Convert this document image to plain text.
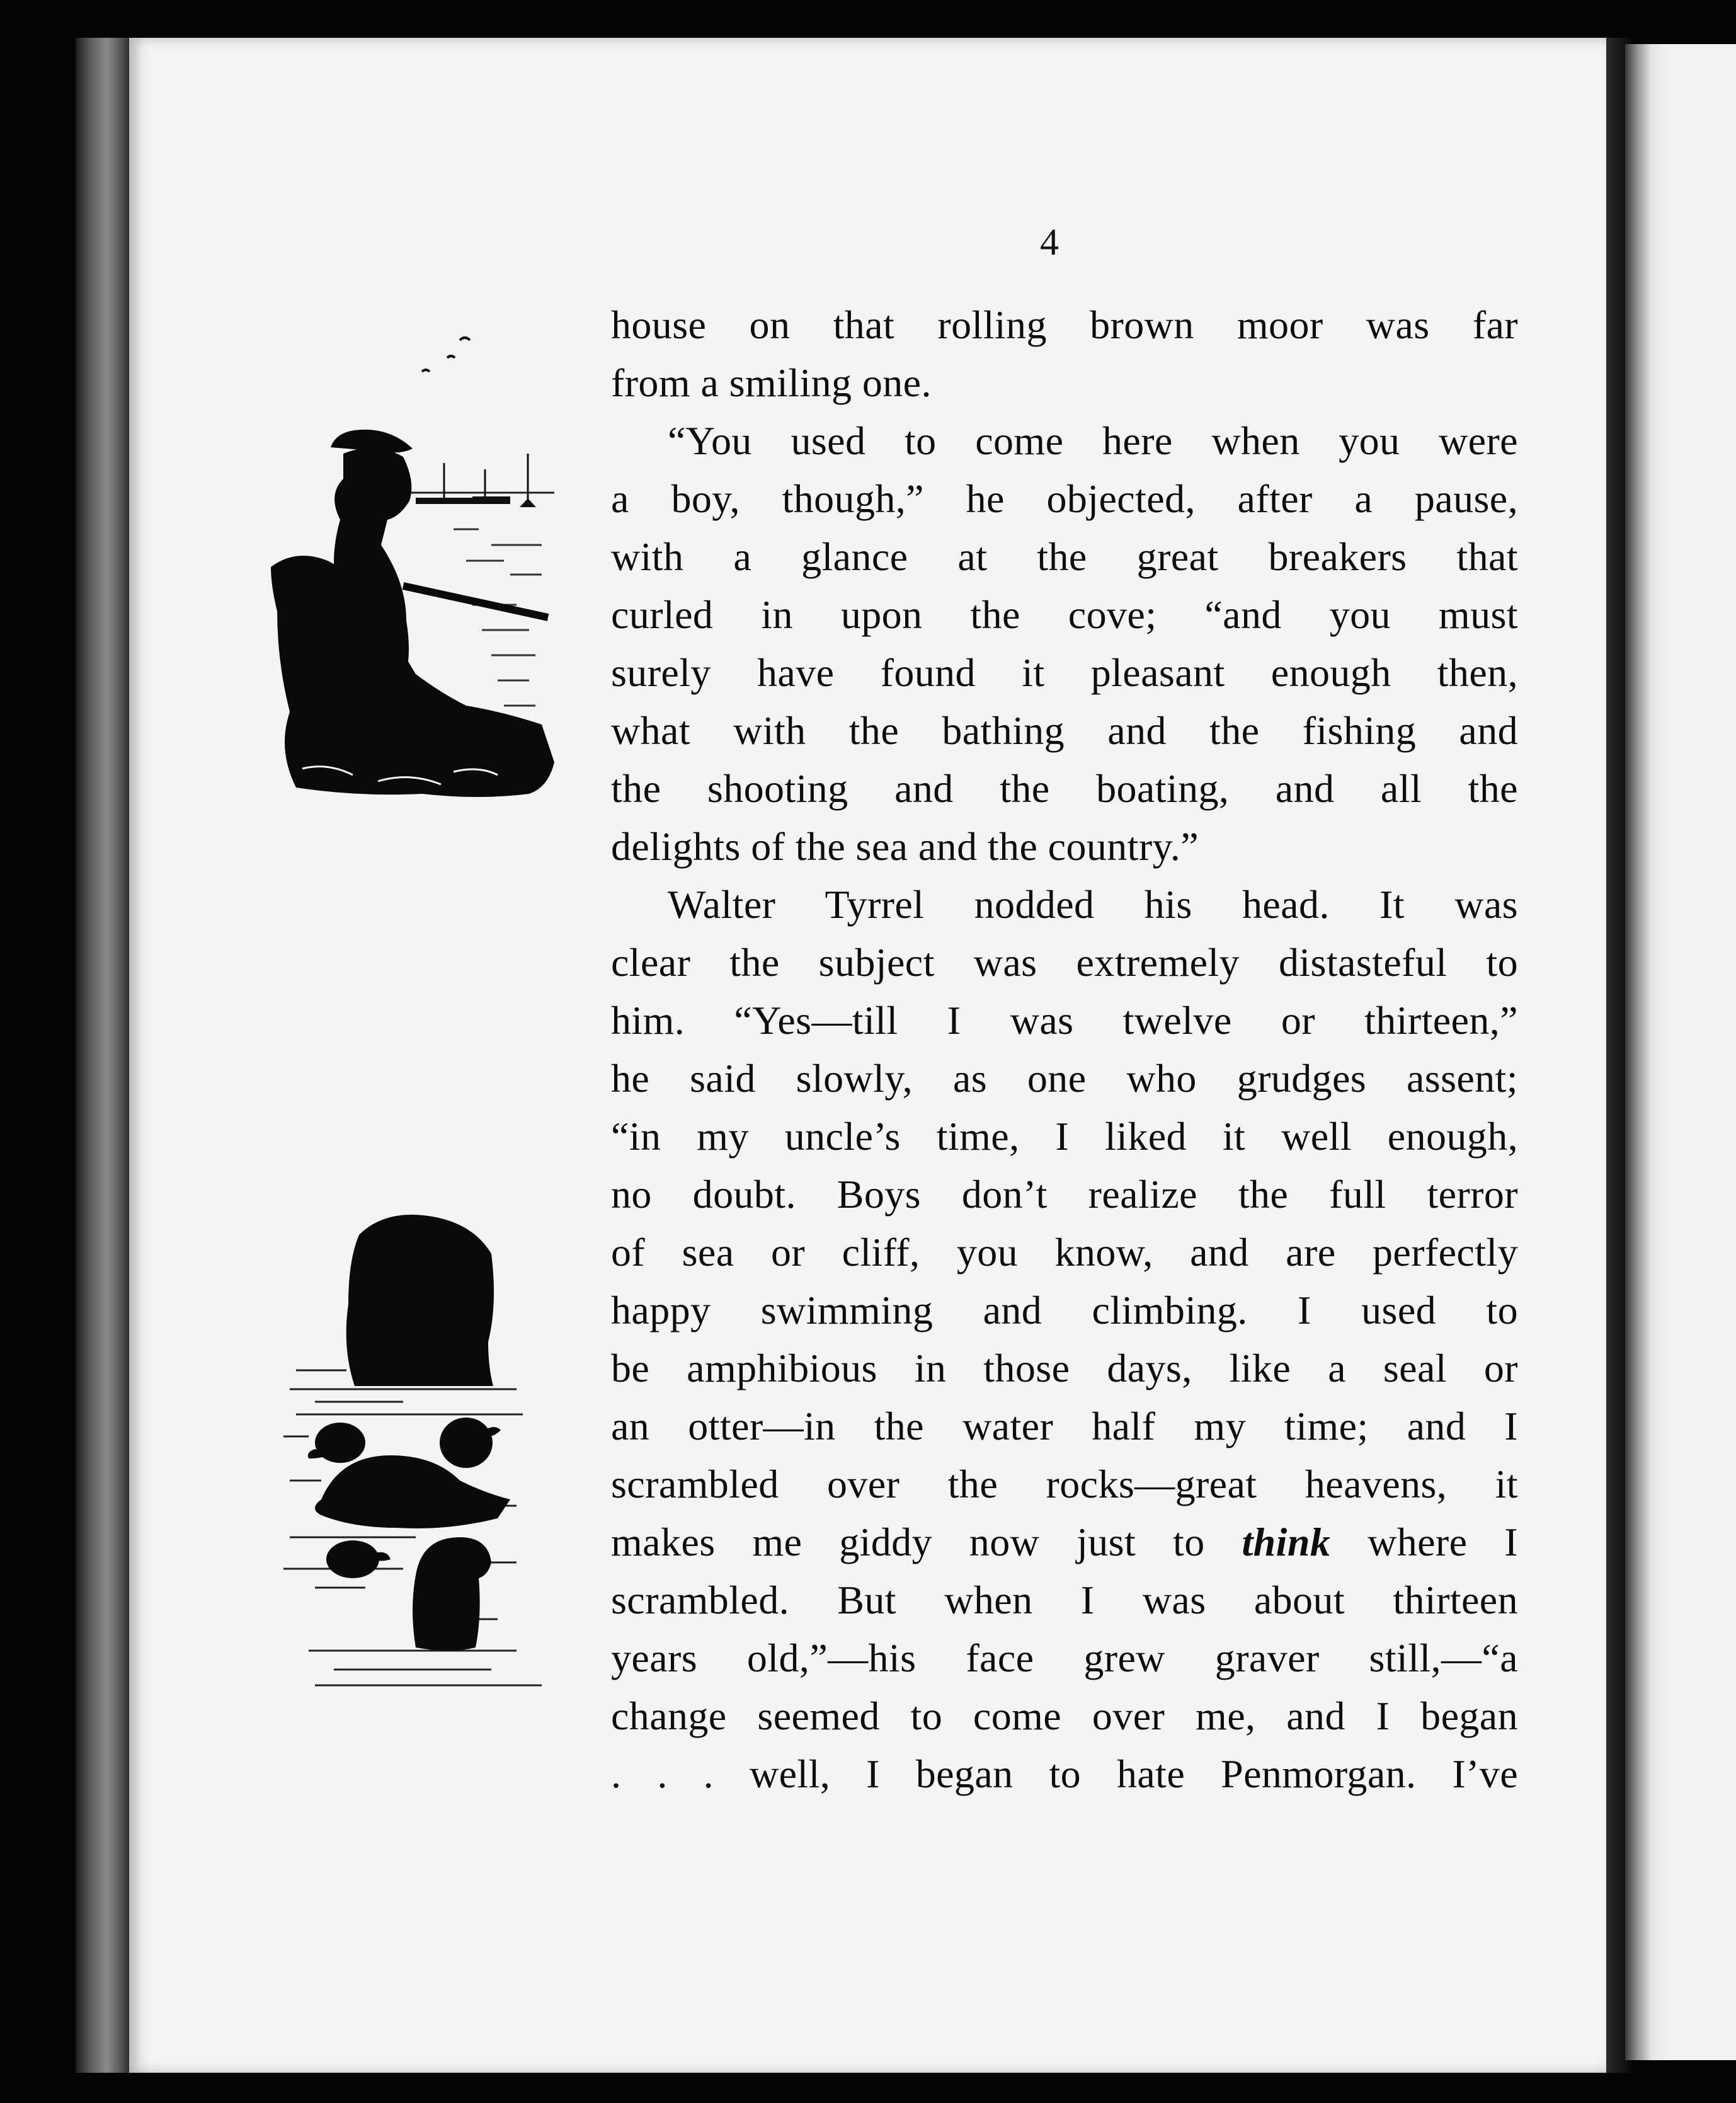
4
house on that rolling brown moor was far
from a smiling one.
“You used to come here when you were
a boy, though,” he objected, after a pause,
with a glance at the great breakers that
curled in upon the cove; “and you must
surely have found it pleasant enough then,
what with the bathing and the fishing and
the shooting and the boating, and all the
delights of the sea and the country.”
Walter Tyrrel nodded his head. It was
clear the subject was extremely distasteful to
him. “Yes—till I was twelve or thirteen,”
he said slowly, as one who grudges assent;
“in my uncle’s time, I liked it well enough,
no doubt. Boys don’t realize the full terror
of sea or cliff, you know, and are perfectly
happy swimming and climbing. I used to
be amphibious in those days, like a seal or
an otter—in the water half my time; and I
scrambled over the rocks—great heavens, it
makes me giddy now just to think where I
scrambled. But when I was about thirteen
years old,”—his face grew graver still,—“a
change seemed to come over me, and I began
. . . well, I began to hate Penmorgan. I’ve
